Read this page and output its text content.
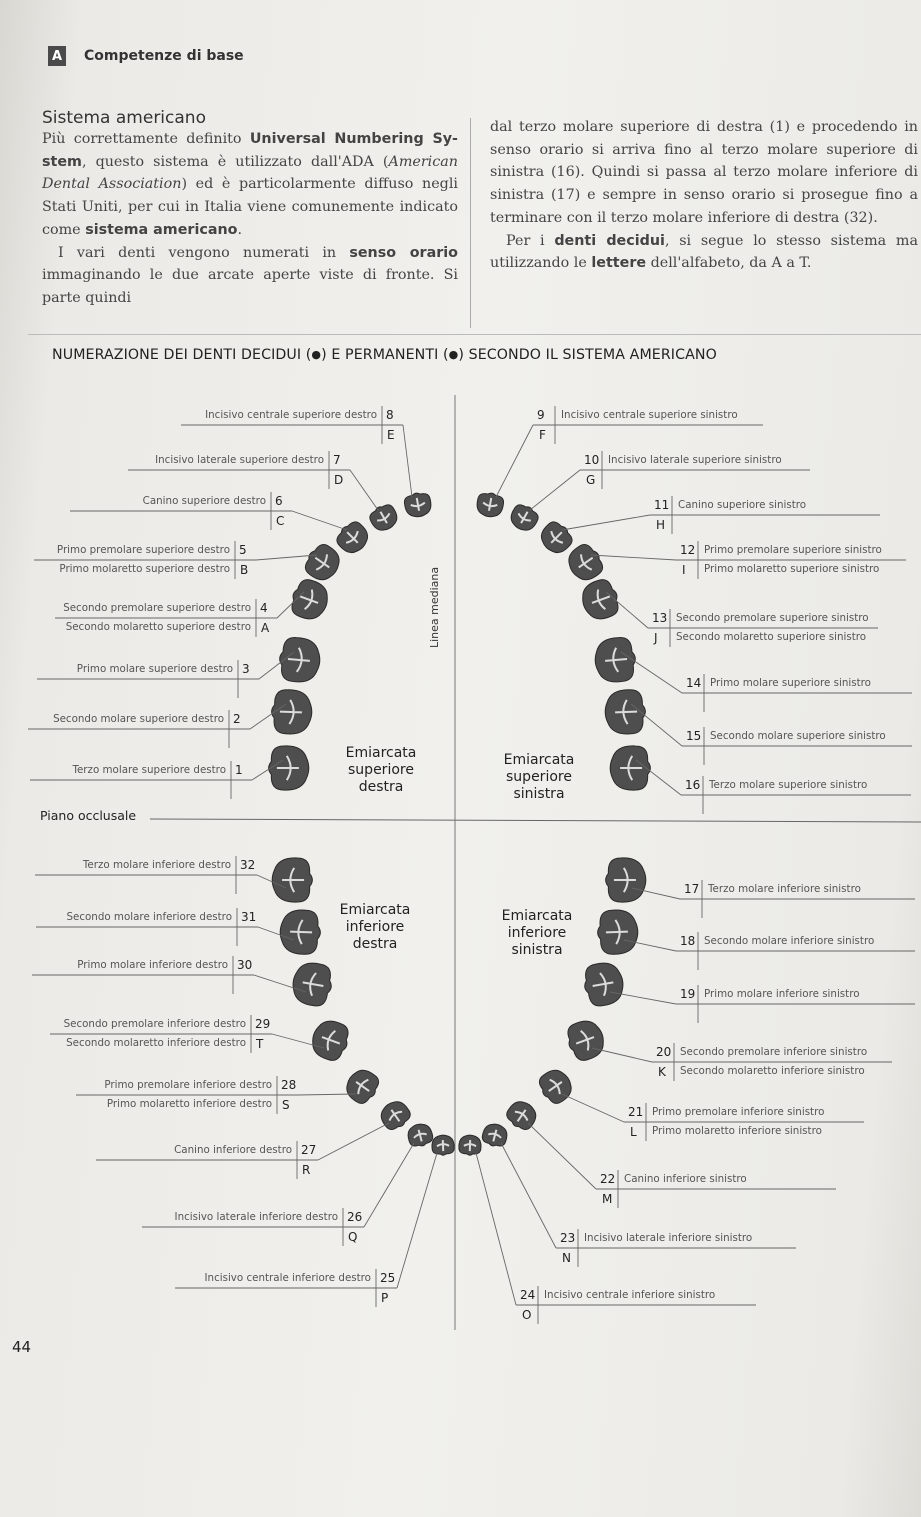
A Competenze di base
Sistema americano

Più correttamente definito Universal Numbering Sy-stem, questo sistema è utilizzato dall'ADA (American Dental Association) ed è particolarmente diffuso negli Stati Uniti, per cui in Italia viene comunemente indicato come sistema americano.

I vari denti vengono numerati in senso orario immaginando le due arcate aperte viste di fronte. Si parte quindi

dal terzo molare superiore di destra (1) e procedendo in senso orario si arriva fino al terzo molare superiore di sinistra (16). Quindi si passa al terzo molare inferiore di sinistra (17) e sempre in senso orario si prosegue fino a terminare con il terzo molare inferiore di destra (32).

Per i denti decidui, si segue lo stesso sistema ma utilizzando le lettere dell'alfabeto, da A a T.

NUMERAZIONE DEI DENTI DECIDUI (●) E PERMANENTI (●) SECONDO IL SISTEMA AMERICANO
8
Incisivo centrale superiore destro
E
7
Incisivo laterale superiore destro
D
6
Canino superiore destro
C
5
Primo premolare superiore destro
Primo molaretto superiore destro B
4
Secondo premolare superiore destro
Secondo molaretto superiore destro A
3
Primo molare superiore destro
2
Secondo molare superiore destro
1
Terzo molare superiore destro
9 Incisivo centrale superiore sinistro
F
10 Incisivo laterale superiore sinistro
G
11 Canino superiore sinistro
H
12 Primo premolare superiore sinistro
Primo molaretto superiore sinistro
I
13 Secondo premolare superiore sinistro
Secondo molaretto superiore sinistro
J
14 Primo molare superiore sinistro
15 Secondo molare superiore sinistro
16 Terzo molare superiore sinistro
32
Terzo molare inferiore destro
31
Secondo molare inferiore destro
30
Primo molare inferiore destro
29
Secondo premolare inferiore destro
Secondo molaretto inferiore destro T
28
Primo premolare inferiore destro
Primo molaretto inferiore destro S
27
Canino inferiore destro
R
26
Incisivo laterale inferiore destro
Q
25
Incisivo centrale inferiore destro
P
17 Terzo molare inferiore sinistro
18 Secondo molare inferiore sinistro
19 Primo molare inferiore sinistro
20 Secondo premolare inferiore sinistro
Secondo molaretto inferiore sinistro
K
21 Primo premolare inferiore sinistro
Primo molaretto inferiore sinistro
L
22 Canino inferiore sinistro
M
23 Incisivo laterale inferiore sinistro
N
24 Incisivo centrale inferiore sinistro
O
Linea mediana
Emiarcata
superiore
destra
Emiarcata
superiore
sinistra
Emiarcata
inferiore
destra
Emiarcata
inferiore
sinistra
Piano occlusale
44
